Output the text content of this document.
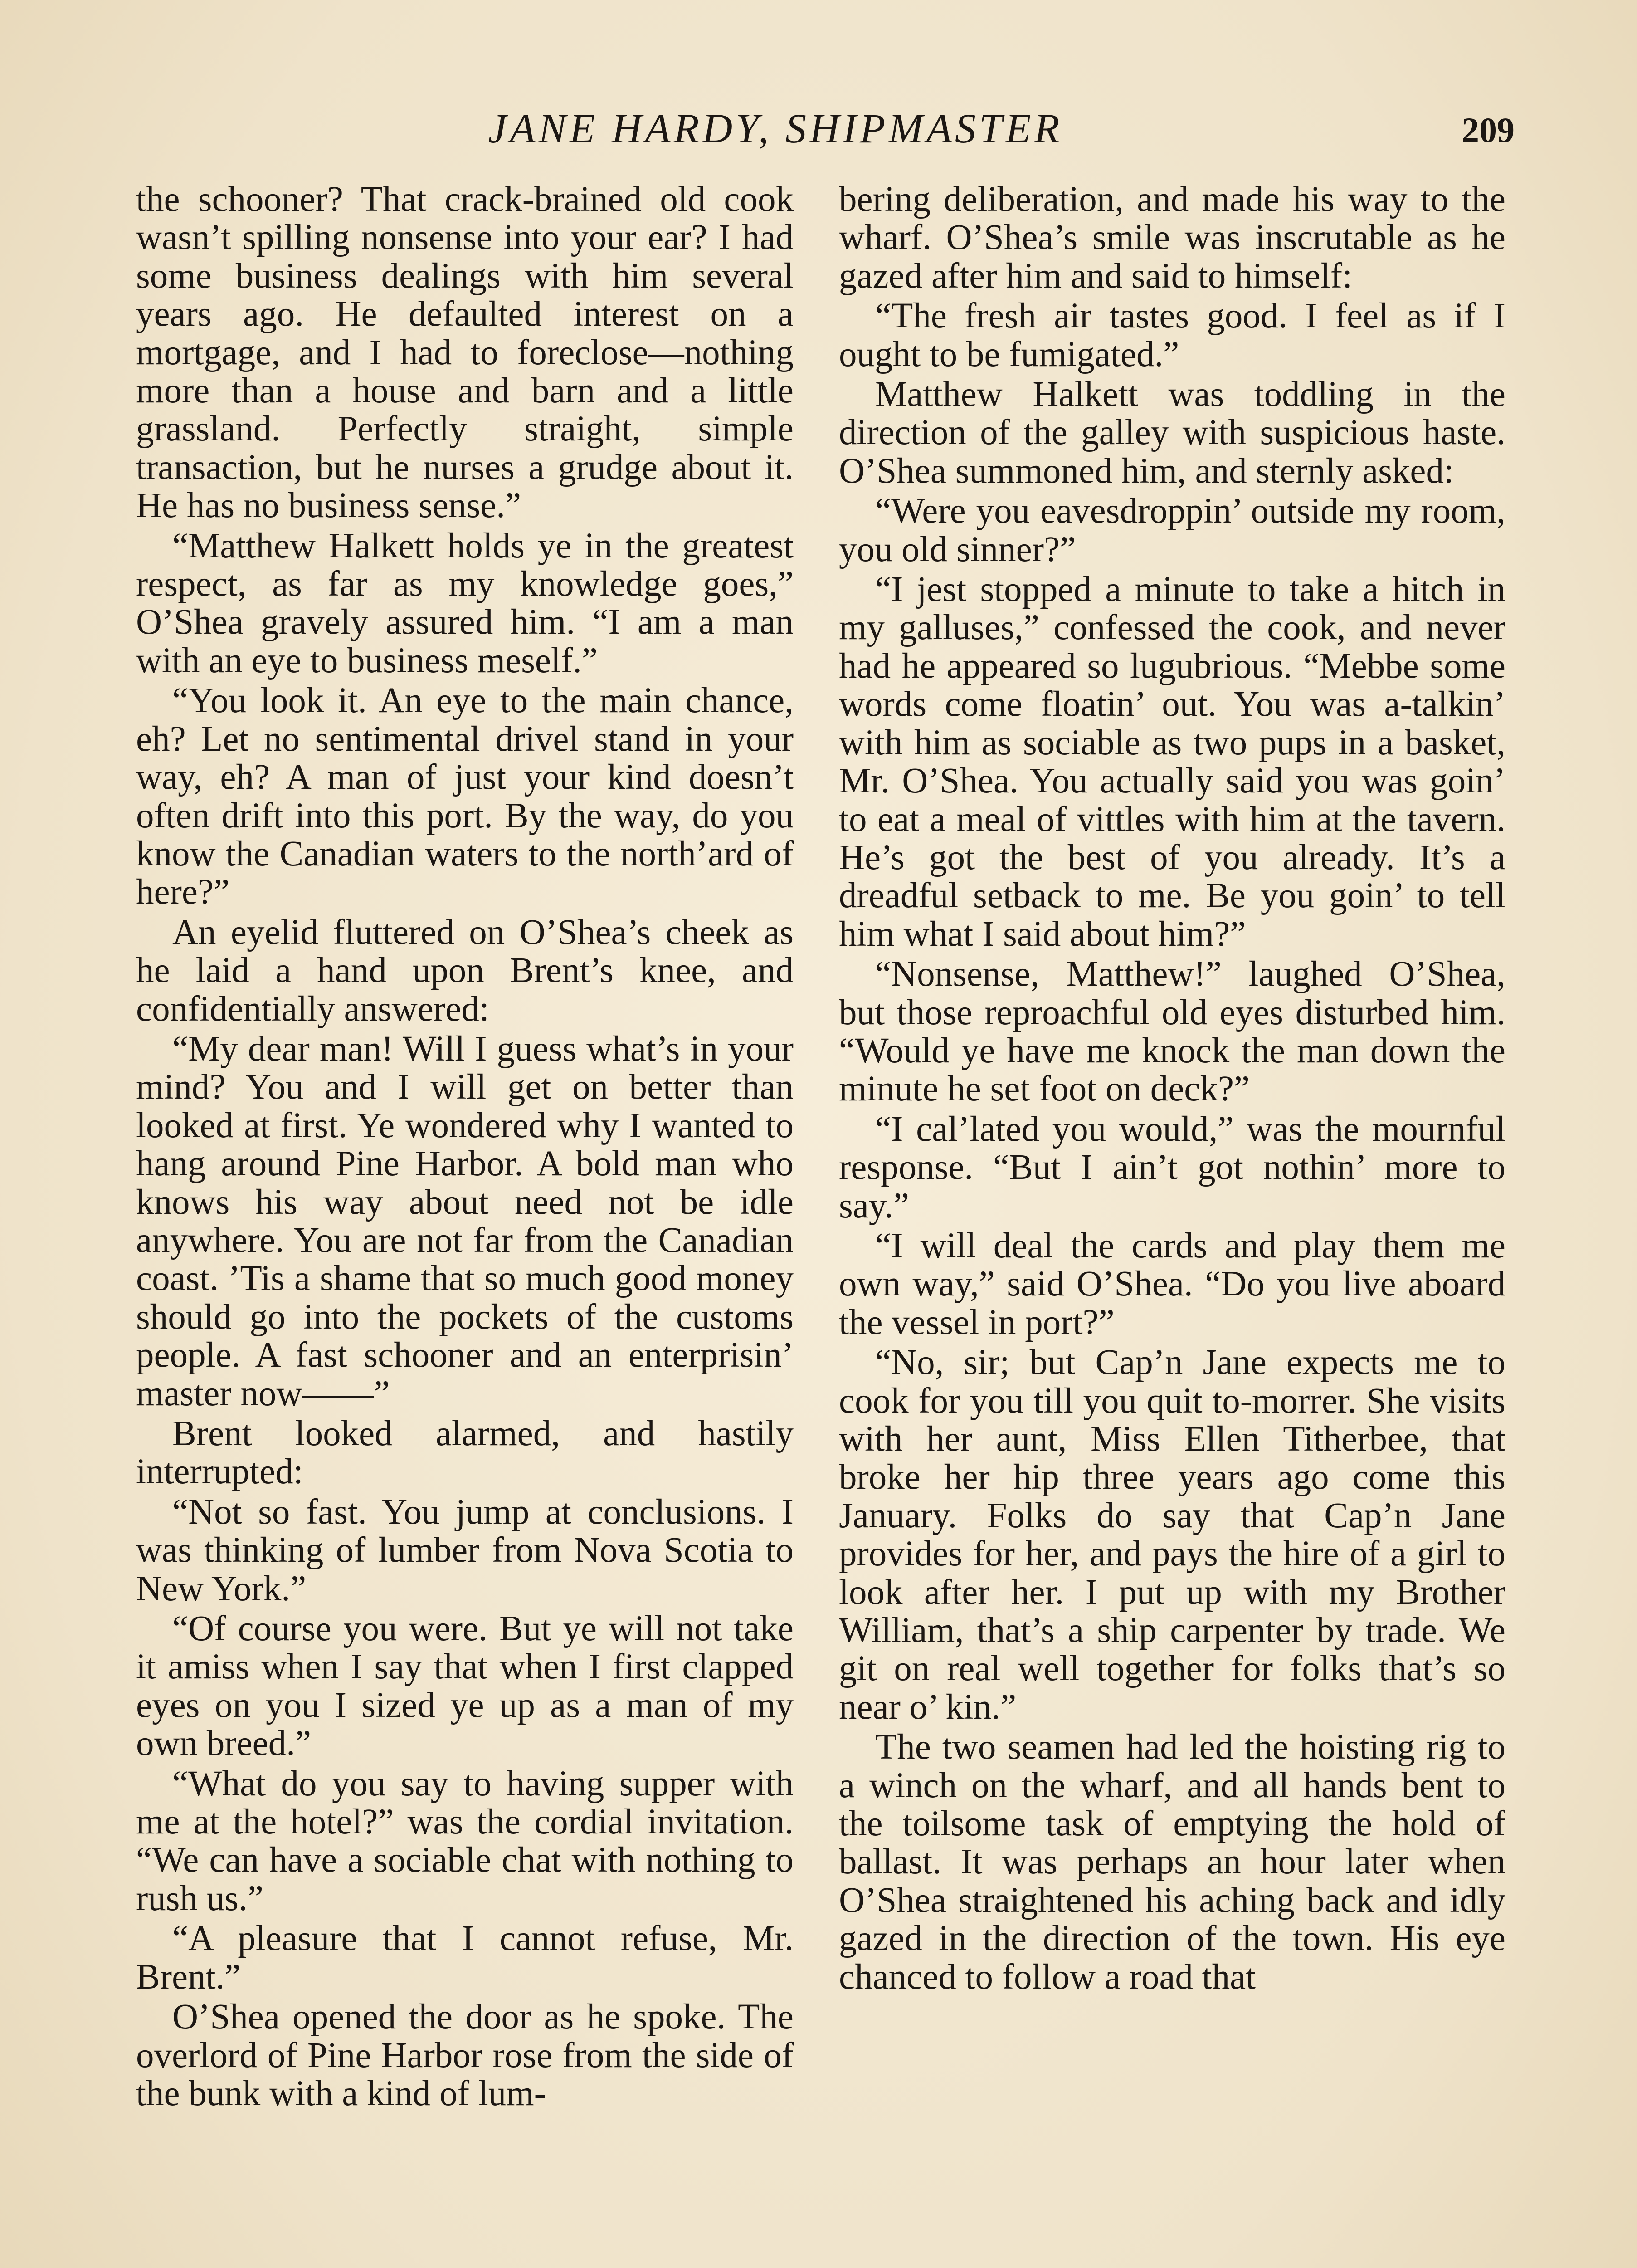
JANE HARDY, SHIPMASTER	209

the schooner? That crack-brained old cook wasn’t spilling nonsense into your ear? I had some business dealings with him several years ago. He defaulted interest on a mortgage, and I had to foreclose—nothing more than a house and barn and a little grassland. Perfectly straight, simple transaction, but he nurses a grudge about it. He has no business sense.”

“Matthew Halkett holds ye in the greatest respect, as far as my knowledge goes,” O’Shea gravely assured him. “I am a man with an eye to business meself.”

“You look it. An eye to the main chance, eh? Let no sentimental drivel stand in your way, eh? A man of just your kind doesn’t often drift into this port. By the way, do you know the Canadian waters to the north’ard of here?”

An eyelid fluttered on O’Shea’s cheek as he laid a hand upon Brent’s knee, and confidentially answered:

“My dear man! Will I guess what’s in your mind? You and I will get on better than looked at first. Ye wondered why I wanted to hang around Pine Harbor. A bold man who knows his way about need not be idle anywhere. You are not far from the Canadian coast. ’Tis a shame that so much good money should go into the pockets of the customs people. A fast schooner and an enterprisin’ master now——”

Brent looked alarmed, and hastily interrupted:

“Not so fast. You jump at conclusions. I was thinking of lumber from Nova Scotia to New York.”

“Of course you were. But ye will not take it amiss when I say that when I first clapped eyes on you I sized ye up as a man of my own breed.”

“What do you say to having supper with me at the hotel?” was the cordial invitation. “We can have a sociable chat with nothing to rush us.”

“A pleasure that I cannot refuse, Mr. Brent.”

O’Shea opened the door as he spoke. The overlord of Pine Harbor rose from the side of the bunk with a kind of lum-

bering deliberation, and made his way to the wharf. O’Shea’s smile was inscrutable as he gazed after him and said to himself:

“The fresh air tastes good. I feel as if I ought to be fumigated.”

Matthew Halkett was toddling in the direction of the galley with suspicious haste. O’Shea summoned him, and sternly asked:

“Were you eavesdroppin’ outside my room, you old sinner?”

“I jest stopped a minute to take a hitch in my galluses,” confessed the cook, and never had he appeared so lugubrious. “Mebbe some words come floatin’ out. You was a-talkin’ with him as sociable as two pups in a basket, Mr. O’Shea. You actually said you was goin’ to eat a meal of vittles with him at the tavern. He’s got the best of you already. It’s a dreadful setback to me. Be you goin’ to tell him what I said about him?”

“Nonsense, Matthew!” laughed O’Shea, but those reproachful old eyes disturbed him. “Would ye have me knock the man down the minute he set foot on deck?”

“I cal’lated you would,” was the mournful response. “But I ain’t got nothin’ more to say.”

“I will deal the cards and play them me own way,” said O’Shea. “Do you live aboard the vessel in port?”

“No, sir; but Cap’n Jane expects me to cook for you till you quit to-morrer. She visits with her aunt, Miss Ellen Titherbee, that broke her hip three years ago come this January. Folks do say that Cap’n Jane provides for her, and pays the hire of a girl to look after her. I put up with my Brother William, that’s a ship carpenter by trade. We git on real well together for folks that’s so near o’ kin.”

The two seamen had led the hoisting rig to a winch on the wharf, and all hands bent to the toilsome task of emptying the hold of ballast. It was perhaps an hour later when O’Shea straightened his aching back and idly gazed in the direction of the town. His eye chanced to follow a road that
